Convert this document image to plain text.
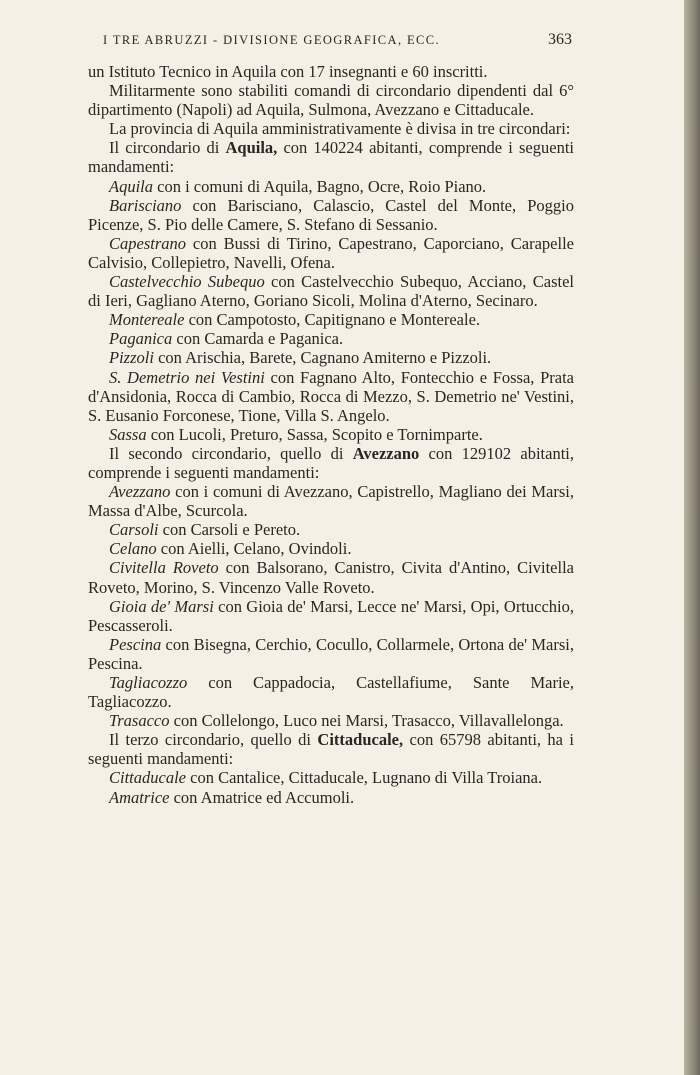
I TRE ABRUZZI - DIVISIONE GEOGRAFICA, ECC.	363

un Istituto Tecnico in Aquila con 17 insegnanti e 60 inscritti.

Militarmente sono stabiliti comandi di circondario dipendenti dal 6° dipartimento (Napoli) ad Aquila, Sulmona, Avezzano e Cittaducale.

La provincia di Aquila amministrativamente è divisa in tre circondari:

Il circondario di Aquila, con 140224 abitanti, comprende i seguenti mandamenti:

Aquila con i comuni di Aquila, Bagno, Ocre, Roio Piano.

Barisciano con Barisciano, Calascio, Castel del Monte, Poggio Picenze, S. Pio delle Camere, S. Stefano di Sessanio.

Capestrano con Bussi di Tirino, Capestrano, Caporciano, Carapelle Calvisio, Collepietro, Navelli, Ofena.

Castelvecchio Subequo con Castelvecchio Subequo, Acciano, Castel di Ieri, Gagliano Aterno, Goriano Sicoli, Molina d'Aterno, Secinaro.

Montereale con Campotosto, Capitignano e Montereale.

Paganica con Camarda e Paganica.

Pizzoli con Arischia, Barete, Cagnano Amiterno e Pizzoli.

S. Demetrio nei Vestini con Fagnano Alto, Fontecchio e Fossa, Prata d'Ansidonia, Rocca di Cambio, Rocca di Mezzo, S. Demetrio ne' Vestini, S. Eusanio Forconese, Tione, Villa S. Angelo.

Sassa con Lucoli, Preturo, Sassa, Scopito e Tornimparte.

Il secondo circondario, quello di Avezzano con 129102 abitanti, comprende i seguenti mandamenti:

Avezzano con i comuni di Avezzano, Capistrello, Magliano dei Marsi, Massa d'Albe, Scurcola.

Carsoli con Carsoli e Pereto.

Celano con Aielli, Celano, Ovindoli.

Civitella Roveto con Balsorano, Canistro, Civita d'Antino, Civitella Roveto, Morino, S. Vincenzo Valle Roveto.

Gioia de' Marsi con Gioia de' Marsi, Lecce ne' Marsi, Opi, Ortucchio, Pescasseroli.

Pescina con Bisegna, Cerchio, Cocullo, Collarmele, Ortona de' Marsi, Pescina.

Tagliacozzo con Cappadocia, Castellafiume, Sante Marie, Tagliacozzo.

Trasacco con Collelongo, Luco nei Marsi, Trasacco, Villavallelonga.

Il terzo circondario, quello di Cittaducale, con 65798 abitanti, ha i seguenti mandamenti:

Cittaducale con Cantalice, Cittaducale, Lugnano di Villa Troiana.

Amatrice con Amatrice ed Accumoli.
